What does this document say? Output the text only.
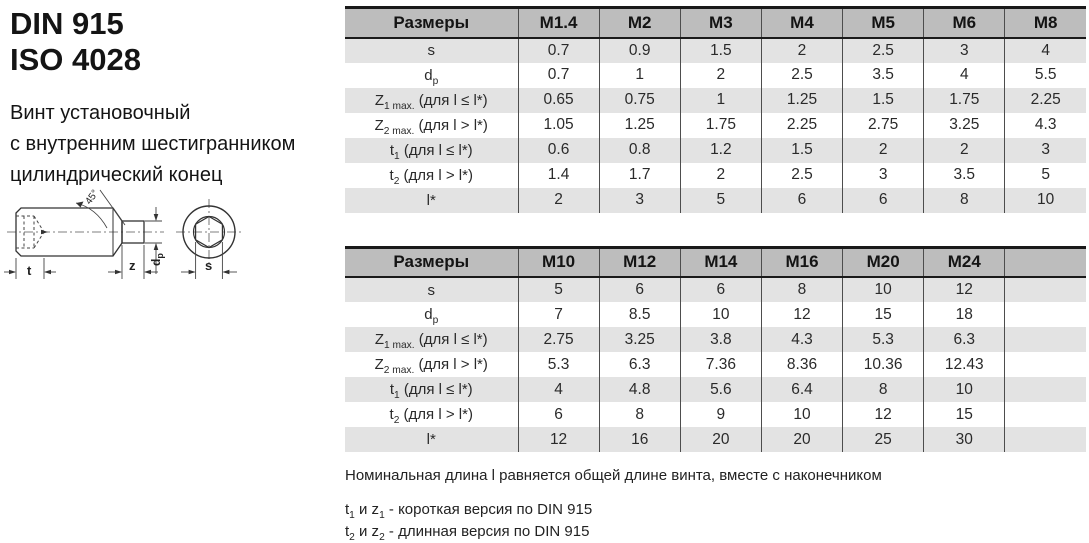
DIN 915
ISO 4028
Винт установочный
с внутренним шестигранником
цилиндрический конец
45°
t	z $d_p$
s
Размеры	M1.4	M2	M3	M4	M5	M6	M8
s	0.7	0.9	1.5	2	2.5	3	4
$d_p$	0.7	1	2	2.5	3.5	4	5.5
$Z_{1 max.}$ (для l ≤ l*)	0.65	0.75	1	1.25	1.5	1.75	2.25
$Z_{2 max.}$ (для l > l*)	1.05	1.25	1.75	2.25	2.75	3.25	4.3
$t_1$ (для l ≤ l*)	0.6	0.8	1.2	1.5	2	2	3
$t_2$ (для l > l*)	1.4	1.7	2	2.5	3	3.5	5
l*	2	3	5	6	6	8	10
Размеры	M10	M12	M14	M16	M20	M24	
s	5	6	6	8	10	12	
$d_p$	7	8.5	10	12	15	18	
$Z_{1 max.}$ (для l ≤ l*)	2.75	3.25	3.8	4.3	5.3	6.3	
$Z_{2 max.}$ (для l > l*)	5.3	6.3	7.36	8.36	10.36	12.43	
$t_1$ (для l ≤ l*)	4	4.8	5.6	6.4	8	10	
$t_2$ (для l > l*)	6	8	9	10	12	15	
l*	12	16	20	20	25	30	
Номинальная длина l равняется общей длине винта, вместе с наконечником
$t_1$ и $z_1$ - короткая версия по DIN 915
$t_2$ и $z_2$ - длинная версия по DIN 915
